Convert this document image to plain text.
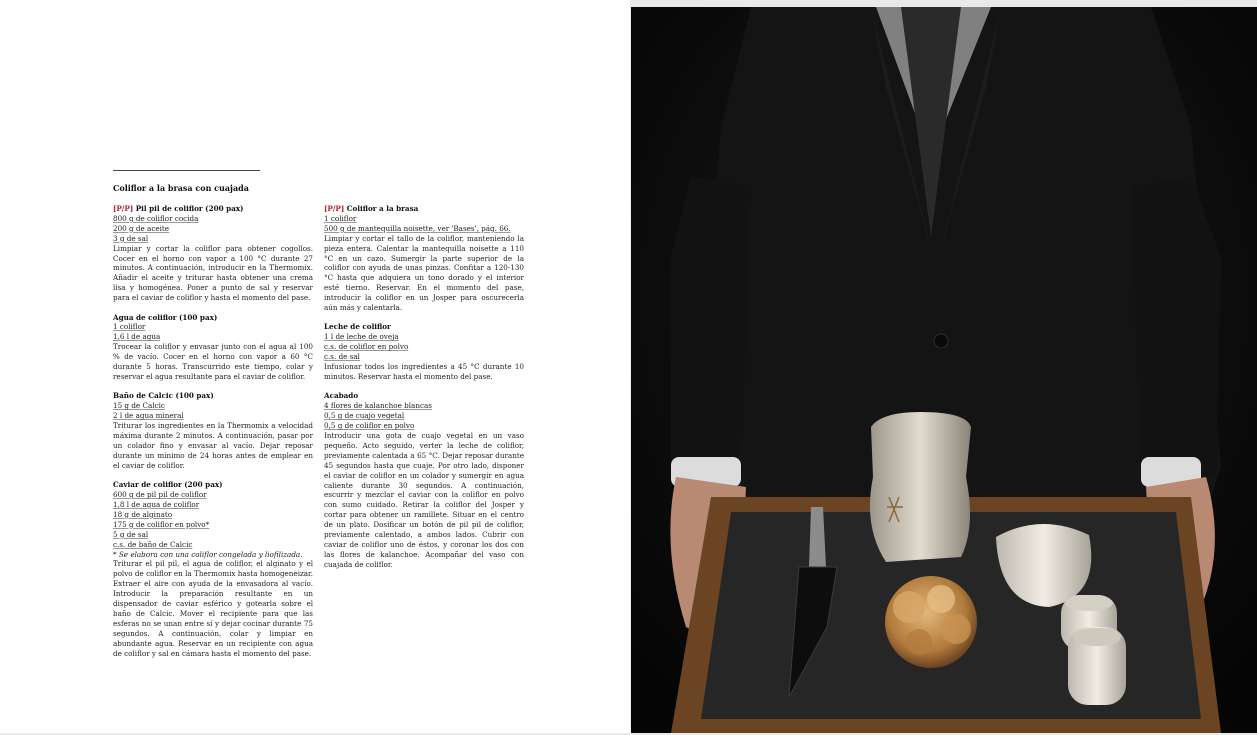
Coliflor a la brasa con cuajada
[P/P] Pil pil de coliflor (200 pax)
800 g de coliflor cocida
200 g de aceite
3 g de sal
Limpiar y cortar la coliflor para obtener cogollos. Cocer en el horno con vapor a 100 °C durante 27 minutos. A continuación, introducir en la Thermomix. Añadir el aceite y triturar hasta obtener una crema lisa y homogénea. Poner a punto de sal y reservar para el caviar de coliflor y hasta el momento del pase.
Agua de coliflor (100 pax)
1 coliflor
1,6 l de agua
Trocear la coliflor y envasar junto con el agua al 100 % de vacío. Cocer en el horno con vapor a 60 °C durante 5 horas. Transcurrido este tiempo, colar y reservar el agua resultante para el caviar de coliflor.
Baño de Calcic (100 pax)
15 g de Calcic
2 l de agua mineral
Triturar los ingredientes en la Thermomix a velocidad máxima durante 2 minutos. A continuación, pasar por un colador fino y envasar al vacío. Dejar reposar durante un mínimo de 24 horas antes de emplear en el caviar de coliflor.
Caviar de coliflor (200 pax)
600 g de pil pil de coliflor
1,8 l de agua de coliflor
18 g de alginato
175 g de coliflor en polvo*
5 g de sal
c.s. de baño de Calcic
* Se elabora con una coliflor congelada y liofilizada.
Triturar el pil pil, el agua de coliflor, el alginato y el polvo de coliflor en la Thermomix hasta homogeneizar. Extraer el aire con ayuda de la envasadora al vacío. Introducir la preparación resultante en un dispensador de caviar esférico y gotearla sobre el baño de Calcic. Mover el recipiente para que las esferas no se unan entre sí y dejar cocinar durante 75 segundos. A continuación, colar y limpiar en abundante agua. Reservar en un recipiente con agua de coliflor y sal en cámara hasta el momento del pase.
[P/P] Coliflor a la brasa
1 coliflor
500 g de mantequilla noisette, ver 'Bases', pág. 66.
Limpiar y cortar el tallo de la coliflor, manteniendo la pieza entera. Calentar la mantequilla noisette a 110 °C en un cazo. Sumergir la parte superior de la coliflor con ayuda de unas pinzas. Confitar a 120-130 °C hasta que adquiera un tono dorado y el interior esté tierno. Reservar. En el momento del pase, introducir la coliflor en un Josper para oscurecerla aún más y calentarla.
Leche de coliflor
1 l de leche de oveja
c.s. de coliflor en polvo
c.s. de sal
Infusionar todos los ingredientes a 45 °C durante 10 minutos. Reservar hasta el momento del pase.
Acabado
4 flores de kalanchoe blancas
0,5 g de cuajo vegetal
0,5 g de coliflor en polvo
Introducir una gota de cuajo vegetal en un vaso pequeño. Acto seguido, verter la leche de coliflor, previamente calentada a 65 °C. Dejar reposar durante 45 segundos hasta que cuaje. Por otro lado, disponer el caviar de coliflor en un colador y sumergir en agua caliente durante 30 segundos. A continuación, escurrir y mezclar el caviar con la coliflor en polvo con sumo cuidado. Retirar la coliflor del Josper y cortar para obtener un ramillete. Situar en el centro de un plato. Dosificar un botón de pil pil de coliflor, previamente calentado, a ambos lados. Cubrir con caviar de coliflor uno de éstos, y coronar los dos con las flores de kalanchoe. Acompañar del vaso con cuajada de coliflor.
